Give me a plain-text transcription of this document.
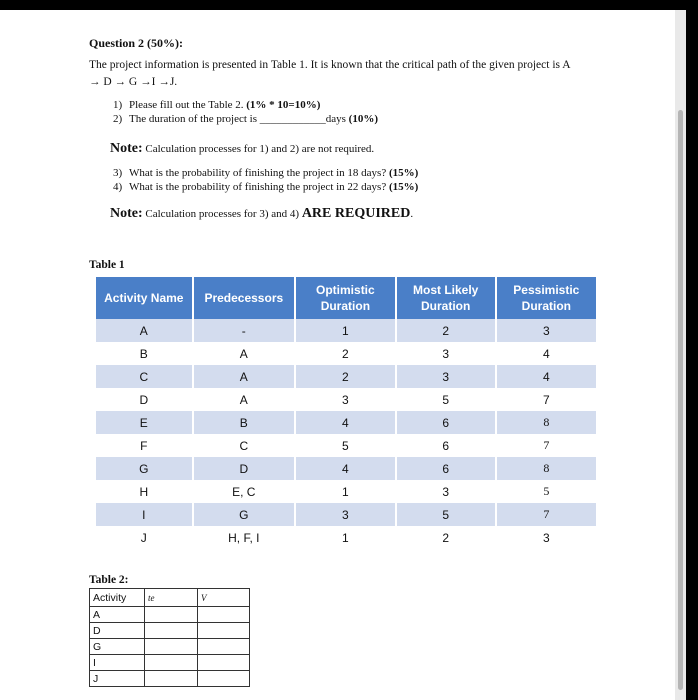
Question 2 (50%):
The project information is presented in Table 1. It is known that the critical path of the given project is A
→ D → G →I →J.
1) Please fill out the Table 2. (1% * 10=10%)
2) The duration of the project is ____________days (10%)
Note: Calculation processes for 1) and 2) are not required.
3) What is the probability of finishing the project in 18 days? (15%)
4) What is the probability of finishing the project in 22 days? (15%)
Note: Calculation processes for 3) and 4) ARE REQUIRED.
Table 1
Activity Name	Predecessors	Optimistic Duration	Most Likely Duration	Pessimistic Duration
A	-	1	2	3
B	A	2	3	4
C	A	2	3	4
D	A	3	5	7
E	B	4	6	8
F	C	5	6	7
G	D	4	6	8
H	E, C	1	3	5
I	G	3	5	7
J	H, F, I	1	2	3
Table 2:
Activity	te	V
A		
D		
G		
I		
J		
